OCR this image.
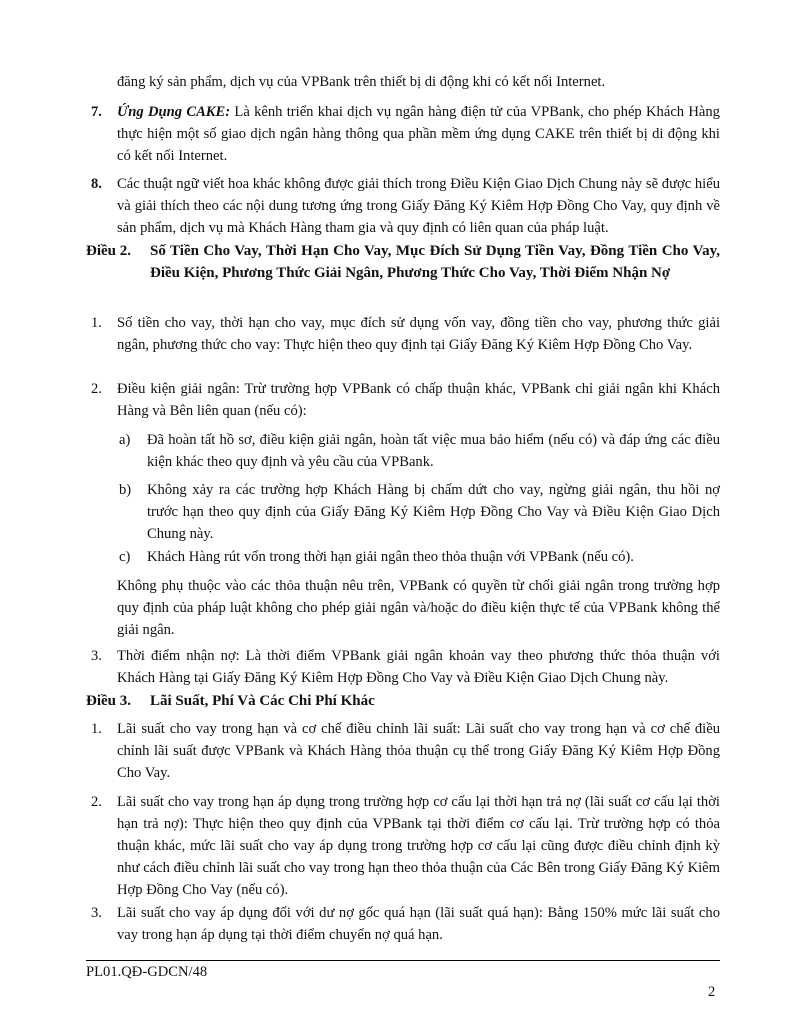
đăng ký sản phẩm, dịch vụ của VPBank trên thiết bị di động khi có kết nối Internet.

7. Ứng Dụng CAKE: Là kênh triển khai dịch vụ ngân hàng điện tử của VPBank, cho phép Khách Hàng thực hiện một số giao dịch ngân hàng thông qua phần mềm ứng dụng CAKE trên thiết bị di động khi có kết nối Internet.

8. Các thuật ngữ viết hoa khác không được giải thích trong Điều Kiện Giao Dịch Chung này sẽ được hiểu và giải thích theo các nội dung tương ứng trong Giấy Đăng Ký Kiêm Hợp Đồng Cho Vay, quy định về sản phẩm, dịch vụ mà Khách Hàng tham gia và quy định có liên quan của pháp luật.

Điều 2. Số Tiền Cho Vay, Thời Hạn Cho Vay, Mục Đích Sử Dụng Tiền Vay, Đồng Tiền Cho Vay, Điều Kiện, Phương Thức Giải Ngân, Phương Thức Cho Vay, Thời Điểm Nhận Nợ

1. Số tiền cho vay, thời hạn cho vay, mục đích sử dụng vốn vay, đồng tiền cho vay, phương thức giải ngân, phương thức cho vay: Thực hiện theo quy định tại Giấy Đăng Ký Kiêm Hợp Đồng Cho Vay.

2. Điều kiện giải ngân: Trừ trường hợp VPBank có chấp thuận khác, VPBank chỉ giải ngân khi Khách Hàng và Bên liên quan (nếu có):

a) Đã hoàn tất hồ sơ, điều kiện giải ngân, hoàn tất việc mua bảo hiểm (nếu có) và đáp ứng các điều kiện khác theo quy định và yêu cầu của VPBank.

b) Không xảy ra các trường hợp Khách Hàng bị chấm dứt cho vay, ngừng giải ngân, thu hồi nợ trước hạn theo quy định của Giấy Đăng Ký Kiêm Hợp Đồng Cho Vay và Điều Kiện Giao Dịch Chung này.

c) Khách Hàng rút vốn trong thời hạn giải ngân theo thỏa thuận với VPBank (nếu có).

Không phụ thuộc vào các thỏa thuận nêu trên, VPBank có quyền từ chối giải ngân trong trường hợp quy định của pháp luật không cho phép giải ngân và/hoặc do điều kiện thực tế của VPBank không thể giải ngân.

3. Thời điểm nhận nợ: Là thời điểm VPBank giải ngân khoản vay theo phương thức thỏa thuận với Khách Hàng tại Giấy Đăng Ký Kiêm Hợp Đồng Cho Vay và Điều Kiện Giao Dịch Chung này.

Điều 3. Lãi Suất, Phí Và Các Chi Phí Khác

1. Lãi suất cho vay trong hạn và cơ chế điều chỉnh lãi suất: Lãi suất cho vay trong hạn và cơ chế điều chỉnh lãi suất được VPBank và Khách Hàng thỏa thuận cụ thể trong Giấy Đăng Ký Kiêm Hợp Đồng Cho Vay.

2. Lãi suất cho vay trong hạn áp dụng trong trường hợp cơ cấu lại thời hạn trả nợ (lãi suất cơ cấu lại thời hạn trả nợ): Thực hiện theo quy định của VPBank tại thời điểm cơ cấu lại. Trừ trường hợp có thỏa thuận khác, mức lãi suất cho vay áp dụng trong trường hợp cơ cấu lại cũng được điều chỉnh định kỳ như cách điều chỉnh lãi suất cho vay trong hạn theo thỏa thuận của Các Bên trong Giấy Đăng Ký Kiêm Hợp Đồng Cho Vay (nếu có).

3. Lãi suất cho vay áp dụng đối với dư nợ gốc quá hạn (lãi suất quá hạn): Bằng 150% mức lãi suất cho vay trong hạn áp dụng tại thời điểm chuyển nợ quá hạn.

PL01.QĐ-GDCN/48
2
